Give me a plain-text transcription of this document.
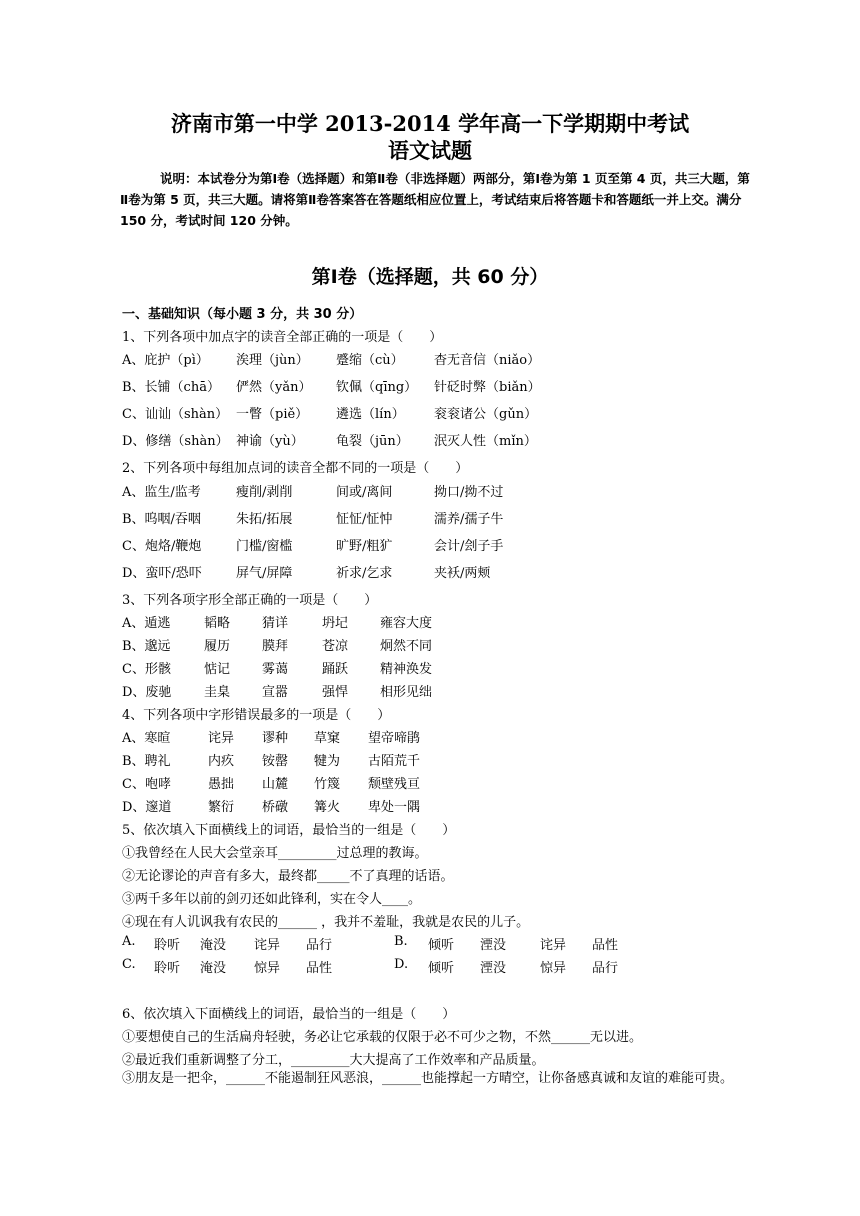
济南市第一中学 2013-2014 学年高一下学期期中考试
语文试题
说明：本试卷分为第Ⅰ卷（选择题）和第Ⅱ卷（非选择题）两部分，第Ⅰ卷为第 1 页至第 4 页，共三大题，第Ⅱ卷为第 5 页，共三大题。请将第Ⅱ卷答案答在答题纸相应位置上，考试结束后将答题卡和答题纸一并上交。满分 150 分，考试时间 120 分钟。
第Ⅰ卷（选择题，共 60 分）
一、基础知识（每小题 3 分，共 30 分）
1、下列各项中加点字的读音全部正确的一项是（　　）
A、庇护（pì） 涘理（jùn） 蹙缩（cù） 杳无音信（niǎo）
B、长铺（chā） 俨然（yǎn） 钦佩（qīng） 针砭时弊（biǎn）
C、讪讪（shàn） 一瞥（piě） 遴选（lín） 衮衮诸公（gǔn）
D、修缮（shàn） 神谕（yù） 龟裂（jūn） 泯灭人性（mǐn）
2、下列各项中每组加点词的读音全都不同的一项是（　　）
A、监生/监考	瘦削/剥削	间或/离间	拗口/拗不过
B、呜咽/吞咽	朱拓/拓展	怔怔/怔忡	濡养/孺子牛
C、炮烙/鞭炮	门槛/窗槛	旷野/粗犷	会计/刽子手
D、蛮吓/恐吓	屏气/屏障	祈求/乞求	夹袄/两颊
3、下列各项字形全部正确的一项是（　　）
A、遁逃	韬略 猜详	坍圮 雍容大度
B、邈远	履历 膜拜	苍凉 炯然不同
C、形骸	惦记 雾蔼	踊跃 精神涣发
D、废驰	圭臬 宣嚣	强悍 相形见绌
4、下列各项中字形错误最多的一项是（　　）
A、寒暄	诧异 谬种 草窠 望帝啼鹃
B、聘礼	内疚 铵罄 犍为 古陌荒千
C、咆哮	愚拙 山麓 竹篾 颓壁残亘
D、邃道	繁衍 桥礅 篝火 卑处一隅
5、依次填入下面横线上的词语，最恰当的一组是（　　）
①我曾经在人民大会堂亲耳_________过总理的教诲。
②无论谬论的声音有多大，最终都_____不了真理的话语。
③两千多年以前的剑刃还如此锋利，实在令人____。
④现在有人讥讽我有农民的______ ，我并不羞耻，我就是农民的儿子。
A. 聆听 淹没 诧异 品行	B. 倾听 湮没	诧异 品性
C. 聆听 淹没 惊异 品性	D. 倾听 湮没	惊异 品行
6、依次填入下面横线上的词语，最恰当的一组是（　　）
①要想使自己的生活扁舟轻驶，务必让它承载的仅限于必不可少之物，不然______无以进。
②最近我们重新调整了分工，_________大大提高了工作效率和产品质量。
③朋友是一把伞，______不能遏制狂风恶浪，______也能撑起一方晴空，让你备感真诚和友谊的难能可贵。
